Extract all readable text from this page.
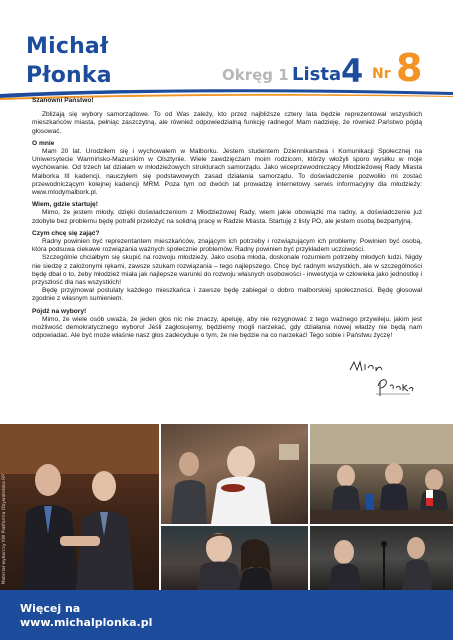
Michał
Płonka	Okręg 1 Lista 4 Nr 8

Szanowni Państwo!

Zbliżają się wybory samorządowe. To od Was zależy, kto przez najbliższe cztery lata będzie reprezentował wszystkich mieszkańców miasta, pełniąc zaszczytną, ale również odpowiedzialną funkcję radnego! Mam nadzieję, że również Państwo pójdą głosować.

O mnie

Mam 20 lat. Urodziłem się i wychowałem w Malborku. Jestem studentem Dziennikarstwa i Komunikacji Społecznej na Uniwersytecie Warmińsko-Mazurskim w Olsztynie. Wiele zawdzięczam moim rodzicom, którzy włożyli sporo wysiłku w moje wychowanie. Od trzech lat działam w młodzieżowych strukturach samorządu. Jako wiceprzewodniczący Młodzieżowej Rady Miasta Malborka III kadencji, nauczyłem się podstawowych zasad działania samorządu. To doświadczenie pozwoliło mi zostać przewodniczącym kolejnej kadencji MRM. Poza tym od dwóch lat prowadzę internetowy serwis informacyjny dla młodzieży: www.mlodymalbork.pl.

Wiem, gdzie startuję!

Mimo, że jestem młody, dzięki doświadczeniom z Młodzieżowej Rady, wiem jakie obowiązki ma radny, a doświadczenie już zdobyte bez problemu będę potrafił przełożyć na solidną pracę w Radzie Miasta. Startuję z listy PO, ale jestem osobą bezpartyjną.

Czym chcę się zająć?

Radny powinien być reprezentantem mieszkańców, znającym ich potrzeby i rozwiązującym ich problemy. Powinien być osobą, która podsuwa ciekawe rozwiązania ważnych społecznie problemów. Radny powinien być przykładem uczciwości.

Szczególnie chciałbym się skupić na rozwoju młodzieży. Jako osoba młoda, doskonale rozumiem potrzeby młodych ludzi. Nigdy nie siedzę z założonymi rękami, zawsze szukam rozwiązania – tego najlepszego. Chcę być radnym wszystkich, ale w szczególności będę dbał o to, żeby młodzież miała jak najlepsze warunki do rozwoju własnych osobowości - inwestycja w człowieka jako jednostkę i przyszłość dla nas wszystkich!

Będę przyjmował postulaty każdego mieszkańca i zawsze będę zabiegał o dobro malborskiej społeczności. Będę głosował zgodnie z własnym sumieniem.

Pójdź na wybory!

Mimo, że wiele osób uważa, że jeden głos nic nie znaczy, apeluję, aby nie rezygnować z tego ważnego przywileju, jakim jest możliwość demokratycznego wyboru! Jeśli zagłosujemy, będziemy mogli narzekać, gdy działania nowej władzy nie będą nam odpowiadać. Ale być może właśnie nasz głos zadecyduje o tym, że nie będzie na co narzekać! Tego sobie i Państwu życzę!

Materiał wyborczy KW Platforma Obywatelska RP
Więcej na
www.michalplonka.pl
